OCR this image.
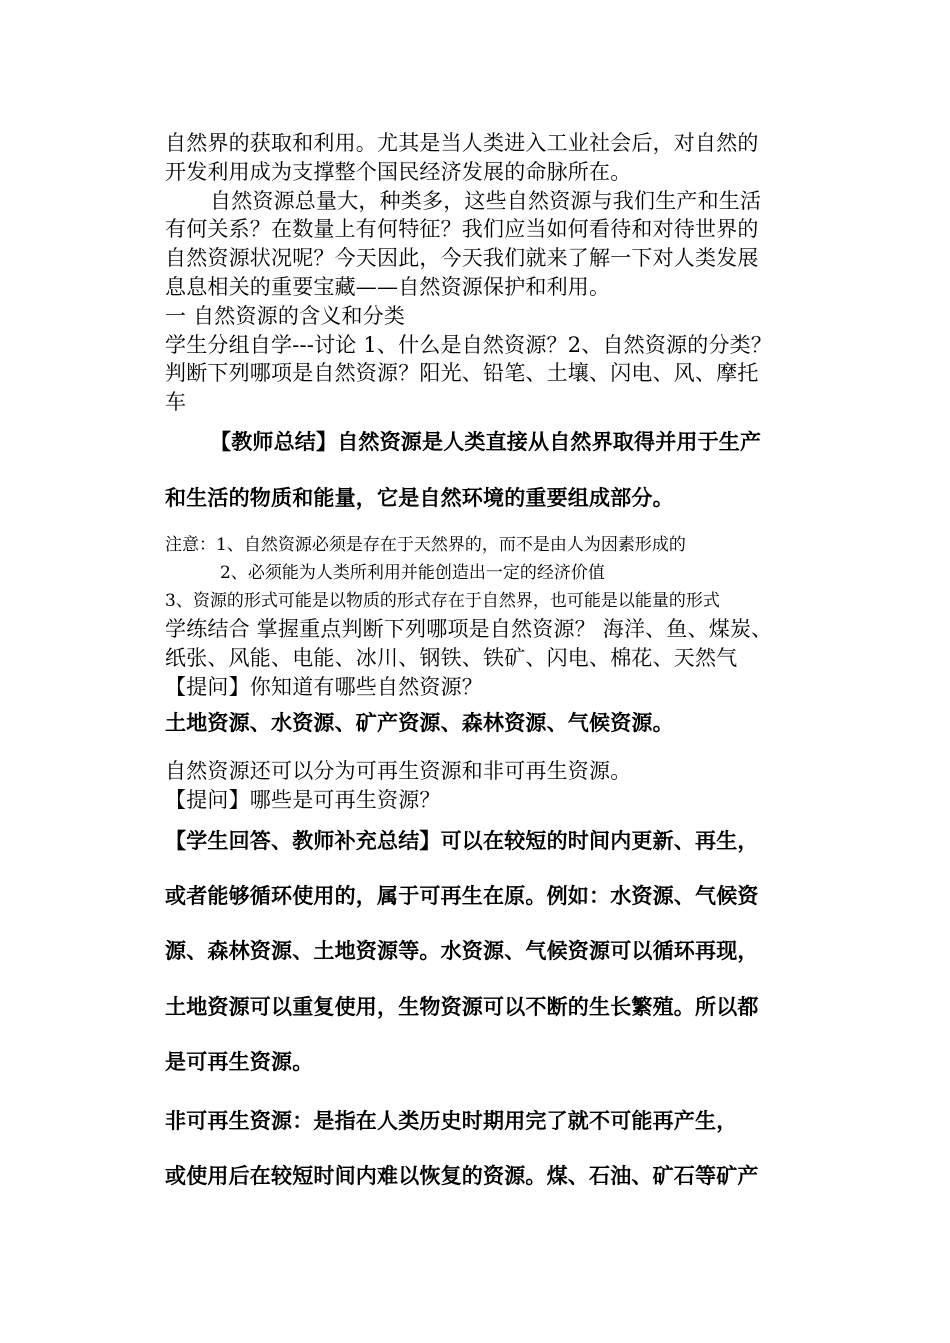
自然界的获取和利用。尤其是当人类进入工业社会后，对自然的
开发利用成为支撑整个国民经济发展的命脉所在。
自然资源总量大，种类多，这些自然资源与我们生产和生活
有何关系？在数量上有何特征？我们应当如何看待和对待世界的
自然资源状况呢？今天因此，今天我们就来了解一下对人类发展
息息相关的重要宝藏——自然资源保护和利用。
一 自然资源的含义和分类
学生分组自学---讨论 1、什么是自然资源？2、自然资源的分类？
判断下列哪项是自然资源？阳光、铅笔、土壤、闪电、风、摩托
车
【教师总结】自然资源是人类直接从自然界取得并用于生产
和生活的物质和能量，它是自然环境的重要组成部分。
注意：1、自然资源必须是存在于天然界的，而不是由人为因素形成的
2、必须能为人类所利用并能创造出一定的经济价值
3、资源的形式可能是以物质的形式存在于自然界，也可能是以能量的形式
学练结合 掌握重点判断下列哪项是自然资源？ 海洋、鱼、煤炭、
纸张、风能、电能、冰川、钢铁、铁矿、闪电、棉花、天然气
【提问】你知道有哪些自然资源？
土地资源、水资源、矿产资源、森林资源、气候资源。
自然资源还可以分为可再生资源和非可再生资源。
【提问】哪些是可再生资源？
【学生回答、教师补充总结】可以在较短的时间内更新、再生，
或者能够循环使用的，属于可再生在原。例如：水资源、气候资
源、森林资源、土地资源等。水资源、气候资源可以循环再现，
土地资源可以重复使用，生物资源可以不断的生长繁殖。所以都
是可再生资源。
非可再生资源：是指在人类历史时期用完了就不可能再产生，
或使用后在较短时间内难以恢复的资源。煤、石油、矿石等矿产
